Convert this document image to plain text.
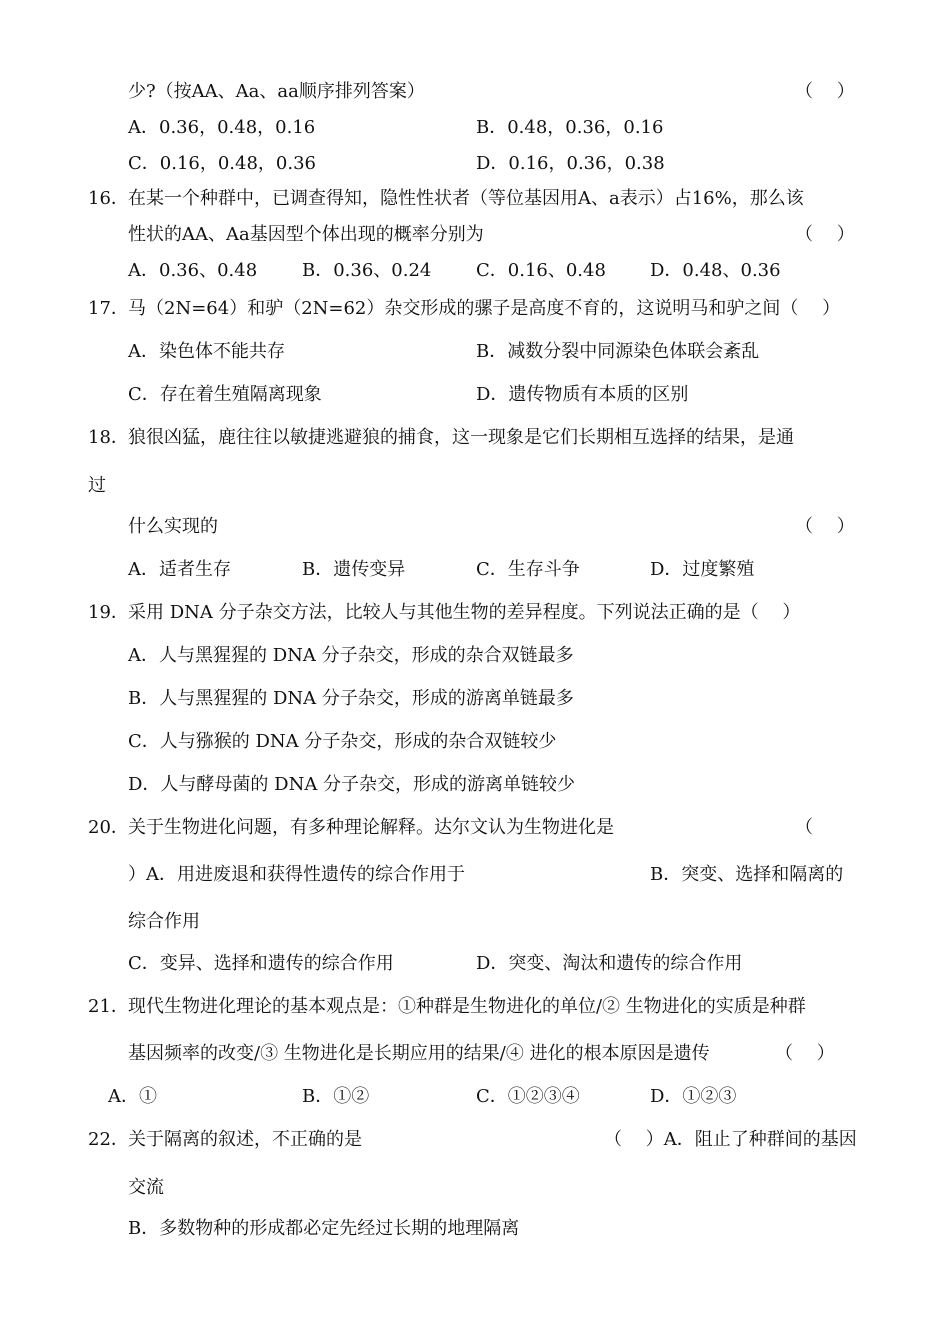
少?（按AA、Aa、aa顺序排列答案）	（　 ）
A．0.36，0.48，0.16	B．0.48，0.36，0.16
C．0.16，0.48，0.36	D．0.16，0.36，0.38
16． 在某一个种群中，已调查得知，隐性性状者（等位基因用A、a表示）占16%，那么该
性状的AA、Aa基因型个体出现的概率分别为	（　 ）
A．0.36、0.48 B．0.36、0.24 C．0.16、0.48 D．0.48、0.36
17． 马（2N=64）和驴（2N=62）杂交形成的骡子是高度不育的，这说明马和驴之间（　 ）
A．染色体不能共存	B．减数分裂中同源染色体联会紊乱
C．存在着生殖隔离现象	D．遗传物质有本质的区别
18． 狼很凶猛，鹿往往以敏捷逃避狼的捕食，这一现象是它们长期相互选择的结果，是通
过
什么实现的	（　 ）
A．适者生存	B．遗传变异	C．生存斗争	D．过度繁殖
19． 采用 DNA 分子杂交方法，比较人与其他生物的差异程度。下列说法正确的是（　 ）
A．人与黑猩猩的 DNA 分子杂交，形成的杂合双链最多
B．人与黑猩猩的 DNA 分子杂交，形成的游离单链最多
C．人与猕猴的 DNA 分子杂交，形成的杂合双链较少
D．人与酵母菌的 DNA 分子杂交，形成的游离单链较少
20． 关于生物进化问题，有多种理论解释。达尔文认为生物进化是	（
）A．用进废退和获得性遗传的综合作用于	B．突变、选择和隔离的
综合作用
C．变异、选择和遗传的综合作用	D．突变、淘汰和遗传的综合作用
21． 现代生物进化理论的基本观点是：①种群是生物进化的单位/② 生物进化的实质是种群
基因频率的改变/③ 生物进化是长期应用的结果/④ 进化的根本原因是遗传	（　 ）
A．①	B．①②	C．①②③④	D．①②③
22． 关于隔离的叙述，不正确的是	（　 ）A．阻止了种群间的基因
交流
B．多数物种的形成都必定先经过长期的地理隔离
